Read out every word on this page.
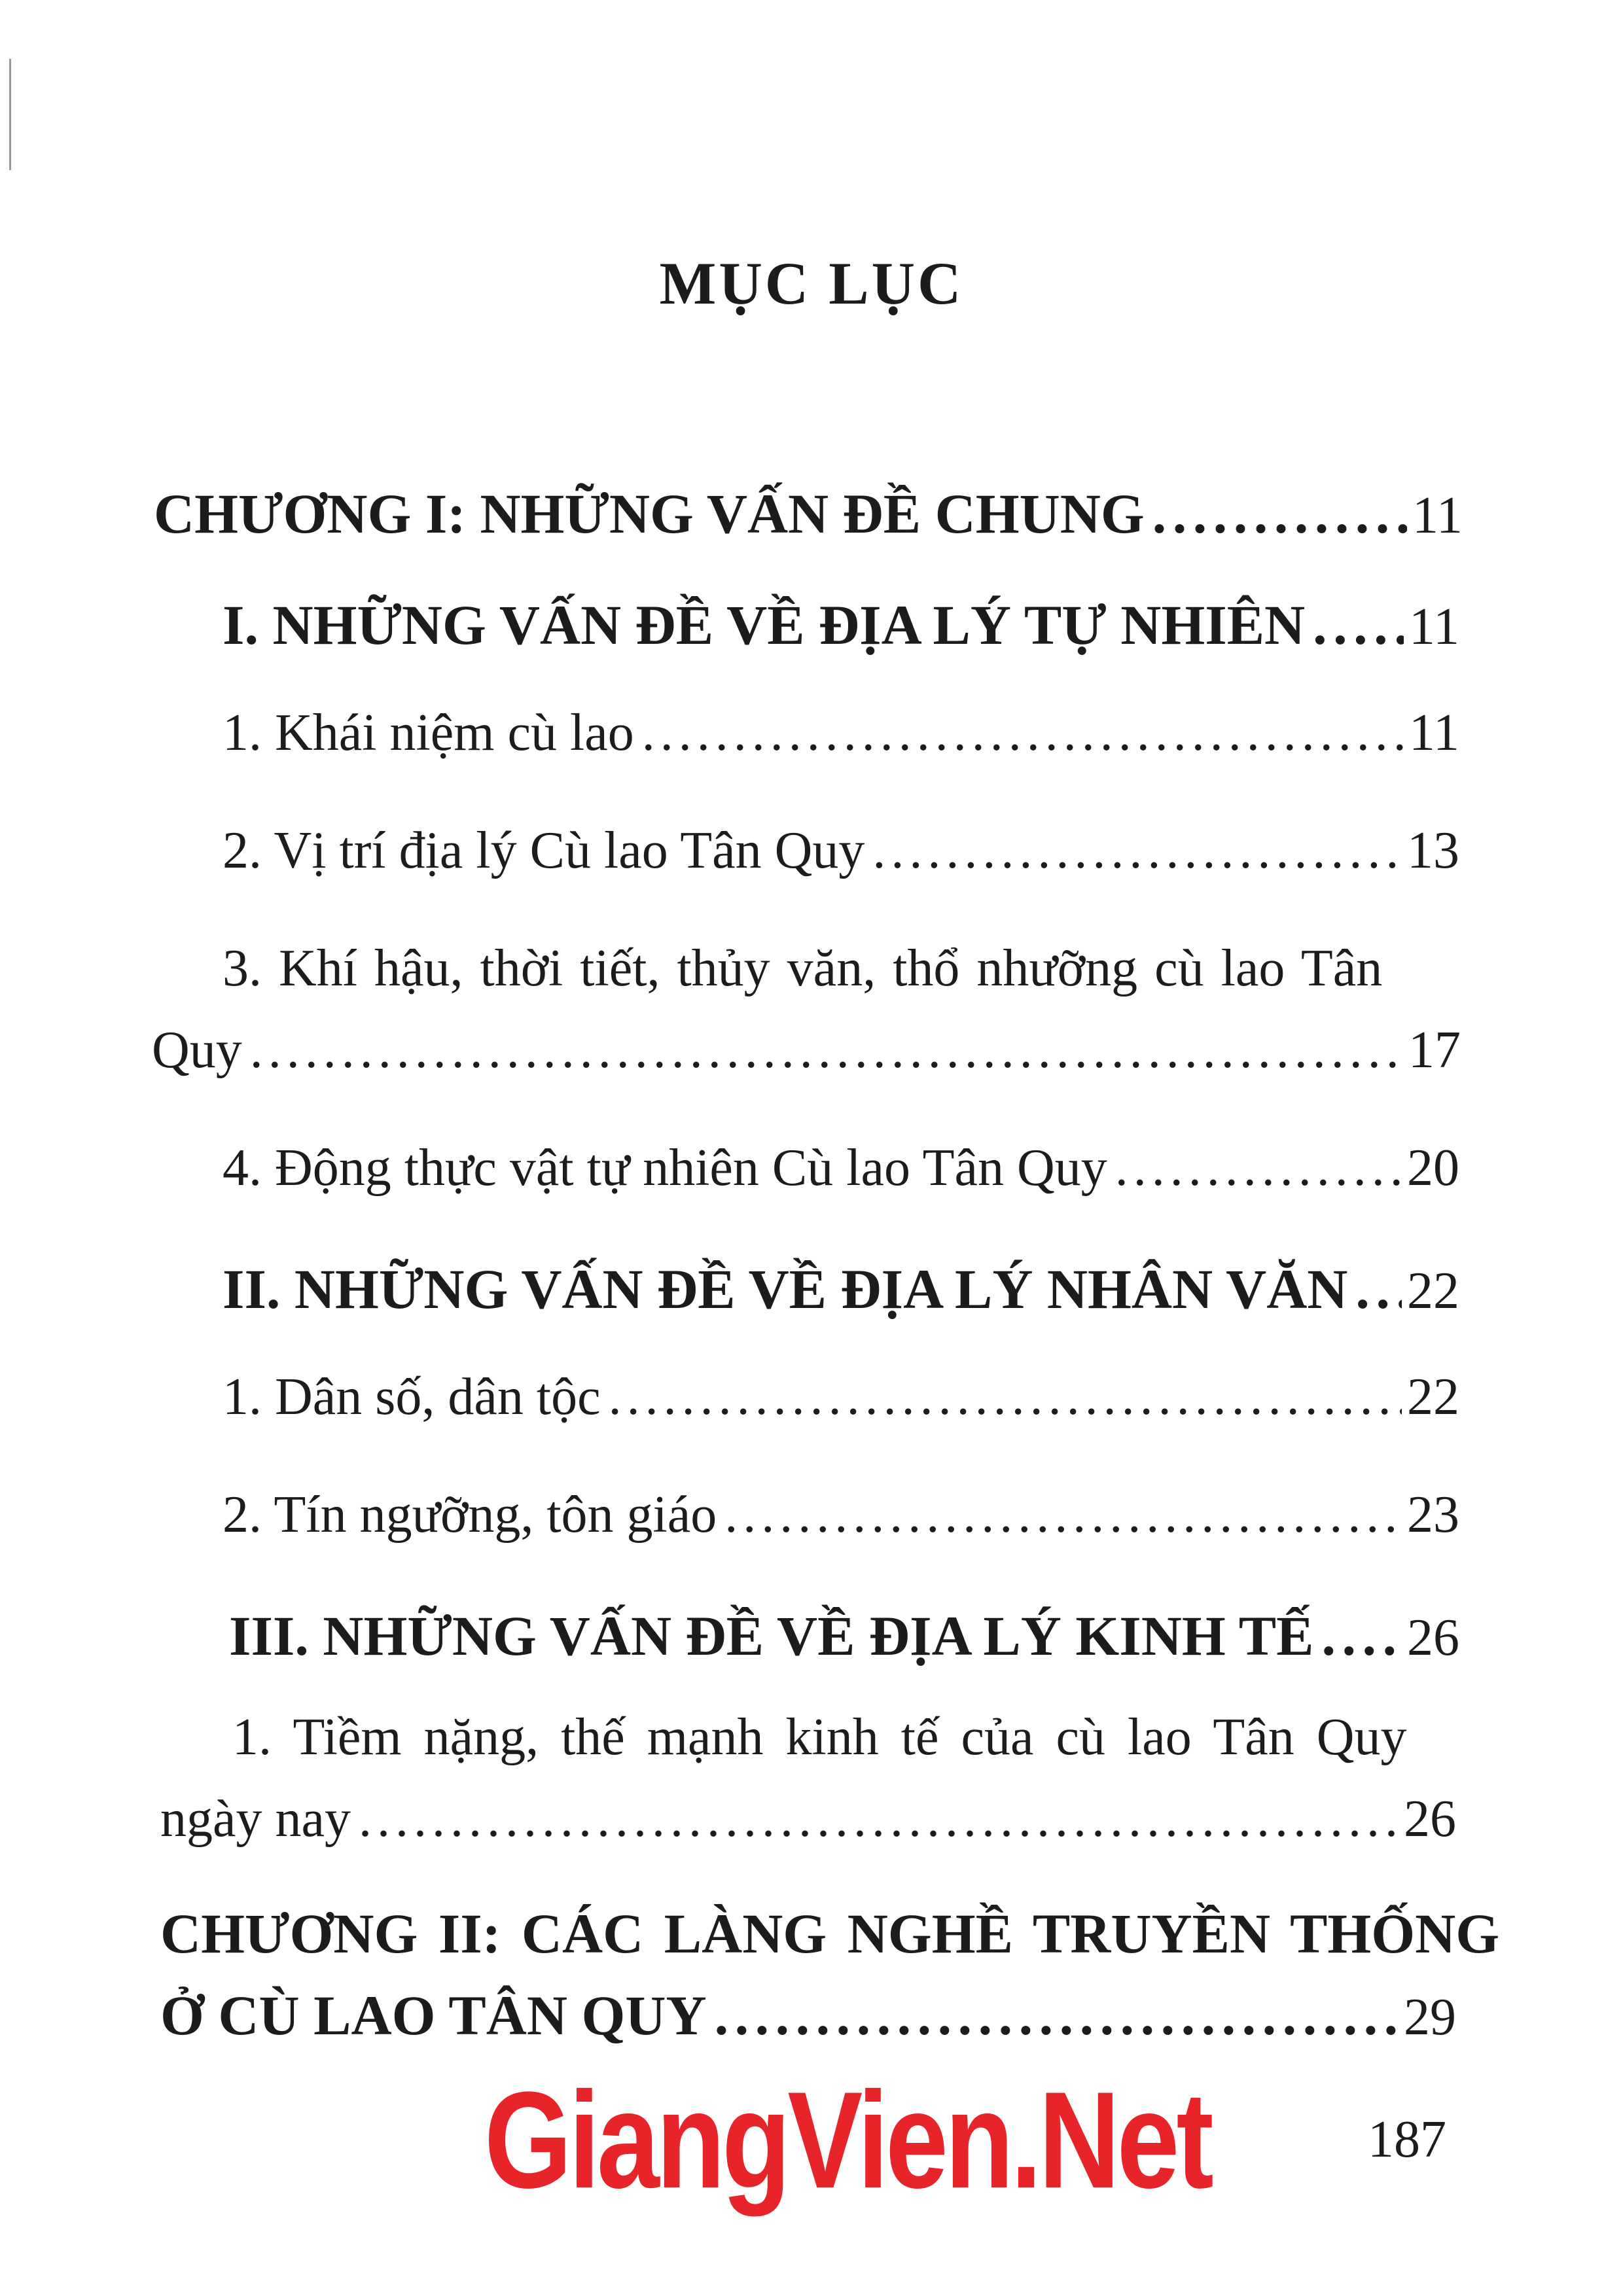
MỤC LỤC
CHƯƠNG I: NHỮNG VẤN ĐỀ CHUNG . . .	11
I. NHỮNG VẤN ĐỀ VỀ ĐỊA LÝ TỰ NHIÊN . . . 11
1. Khái niệm cù lao . . .	11
2. Vị trí địa lý Cù lao Tân Quy . . .	13
3. Khí hậu, thời tiết, thủy văn, thổ nhưỡng cù lao Tân
Quy . . .	17
4. Động thực vật tự nhiên Cù lao Tân Quy . . .	20
II. NHỮNG VẤN ĐỀ VỀ ĐỊA LÝ NHÂN VĂN . . . 22
1. Dân số, dân tộc . . .	22
2. Tín ngưỡng, tôn giáo . . .	23
III. NHỮNG VẤN ĐỀ VỀ ĐỊA LÝ KINH TẾ . . . 26
1. Tiềm nặng, thế mạnh kinh tế của cù lao Tân Quy
ngày nay . . .	26
CHƯƠNG II: CÁC LÀNG NGHỀ TRUYỀN THỐNG
Ở CÙ LAO TÂN QUY . . .	29
GiangVien.Net	187
